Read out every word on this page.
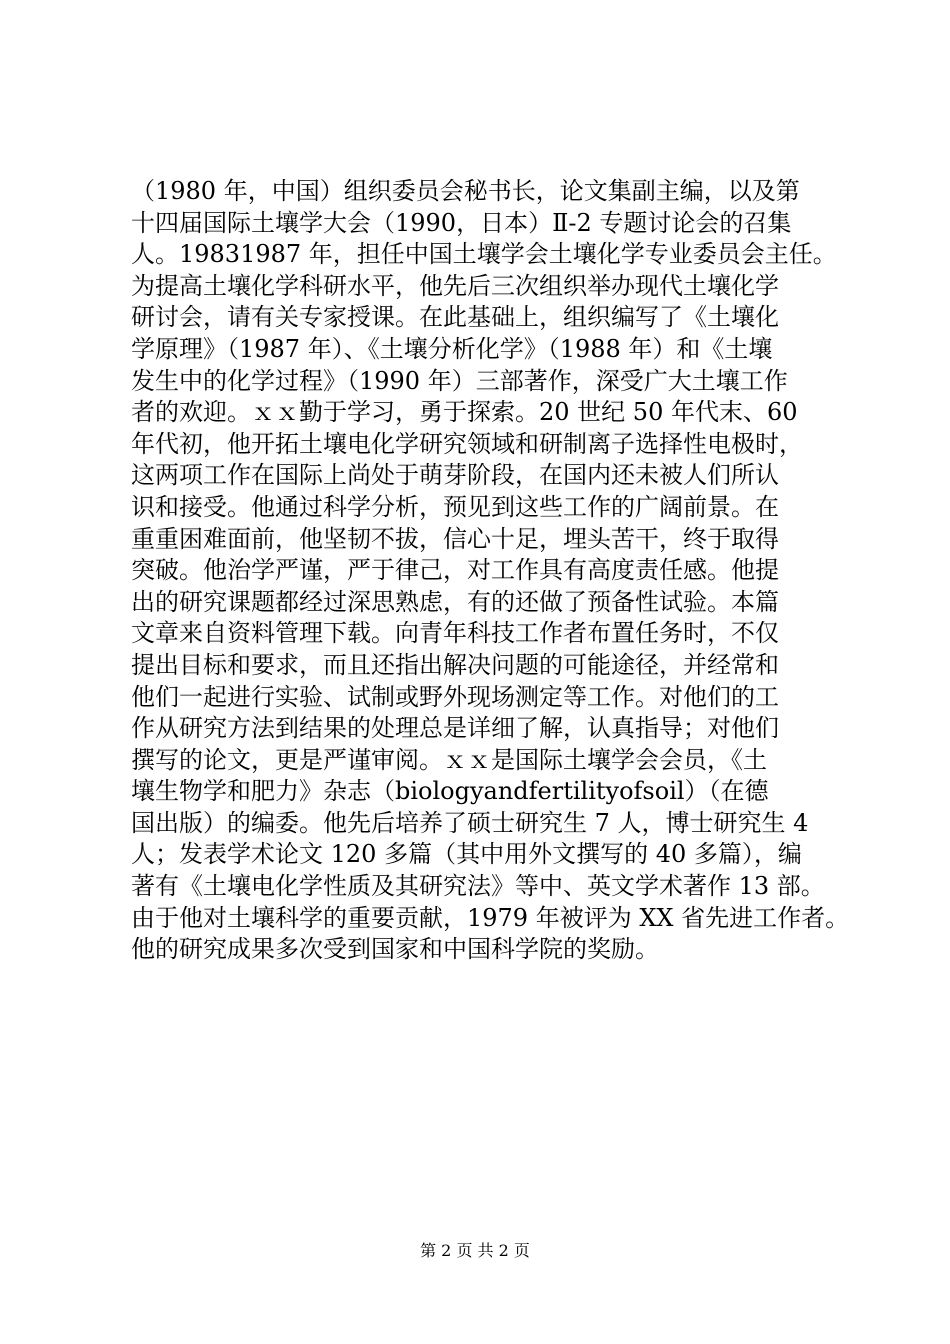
（1980 年，中国）组织委员会秘书长，论文集副主编，以及第
十四届国际土壤学大会（1990，日本）Ⅱ-2 专题讨论会的召集
人。19831987 年，担任中国土壤学会土壤化学专业委员会主任。
为提高土壤化学科研水平，他先后三次组织举办现代土壤化学
研讨会，请有关专家授课。在此基础上，组织编写了《土壤化
学原理》（1987 年）、《土壤分析化学》（1988 年）和《土壤
发生中的化学过程》（1990 年）三部著作，深受广大土壤工作
者的欢迎。ｘｘ勤于学习，勇于探索。20 世纪 50 年代末、60
年代初，他开拓土壤电化学研究领域和研制离子选择性电极时，
这两项工作在国际上尚处于萌芽阶段，在国内还未被人们所认
识和接受。他通过科学分析，预见到这些工作的广阔前景。在
重重困难面前，他坚韧不拔，信心十足，埋头苦干，终于取得
突破。他治学严谨，严于律己，对工作具有高度责任感。他提
出的研究课题都经过深思熟虑，有的还做了预备性试验。本篇
文章来自资料管理下载。向青年科技工作者布置任务时，不仅
提出目标和要求，而且还指出解决问题的可能途径，并经常和
他们一起进行实验、试制或野外现场测定等工作。对他们的工
作从研究方法到结果的处理总是详细了解，认真指导；对他们
撰写的论文，更是严谨审阅。ｘｘ是国际土壤学会会员，《土
壤生物学和肥力》杂志（biologyandfertilityofsoil）（在德
国出版）的编委。他先后培养了硕士研究生 7 人，博士研究生 4
人；发表学术论文 120 多篇（其中用外文撰写的 40 多篇），编
著有《土壤电化学性质及其研究法》等中、英文学术著作 13 部。
由于他对土壤科学的重要贡献，1979 年被评为 XX 省先进工作者。
他的研究成果多次受到国家和中国科学院的奖励。
第 2 页 共 2 页
